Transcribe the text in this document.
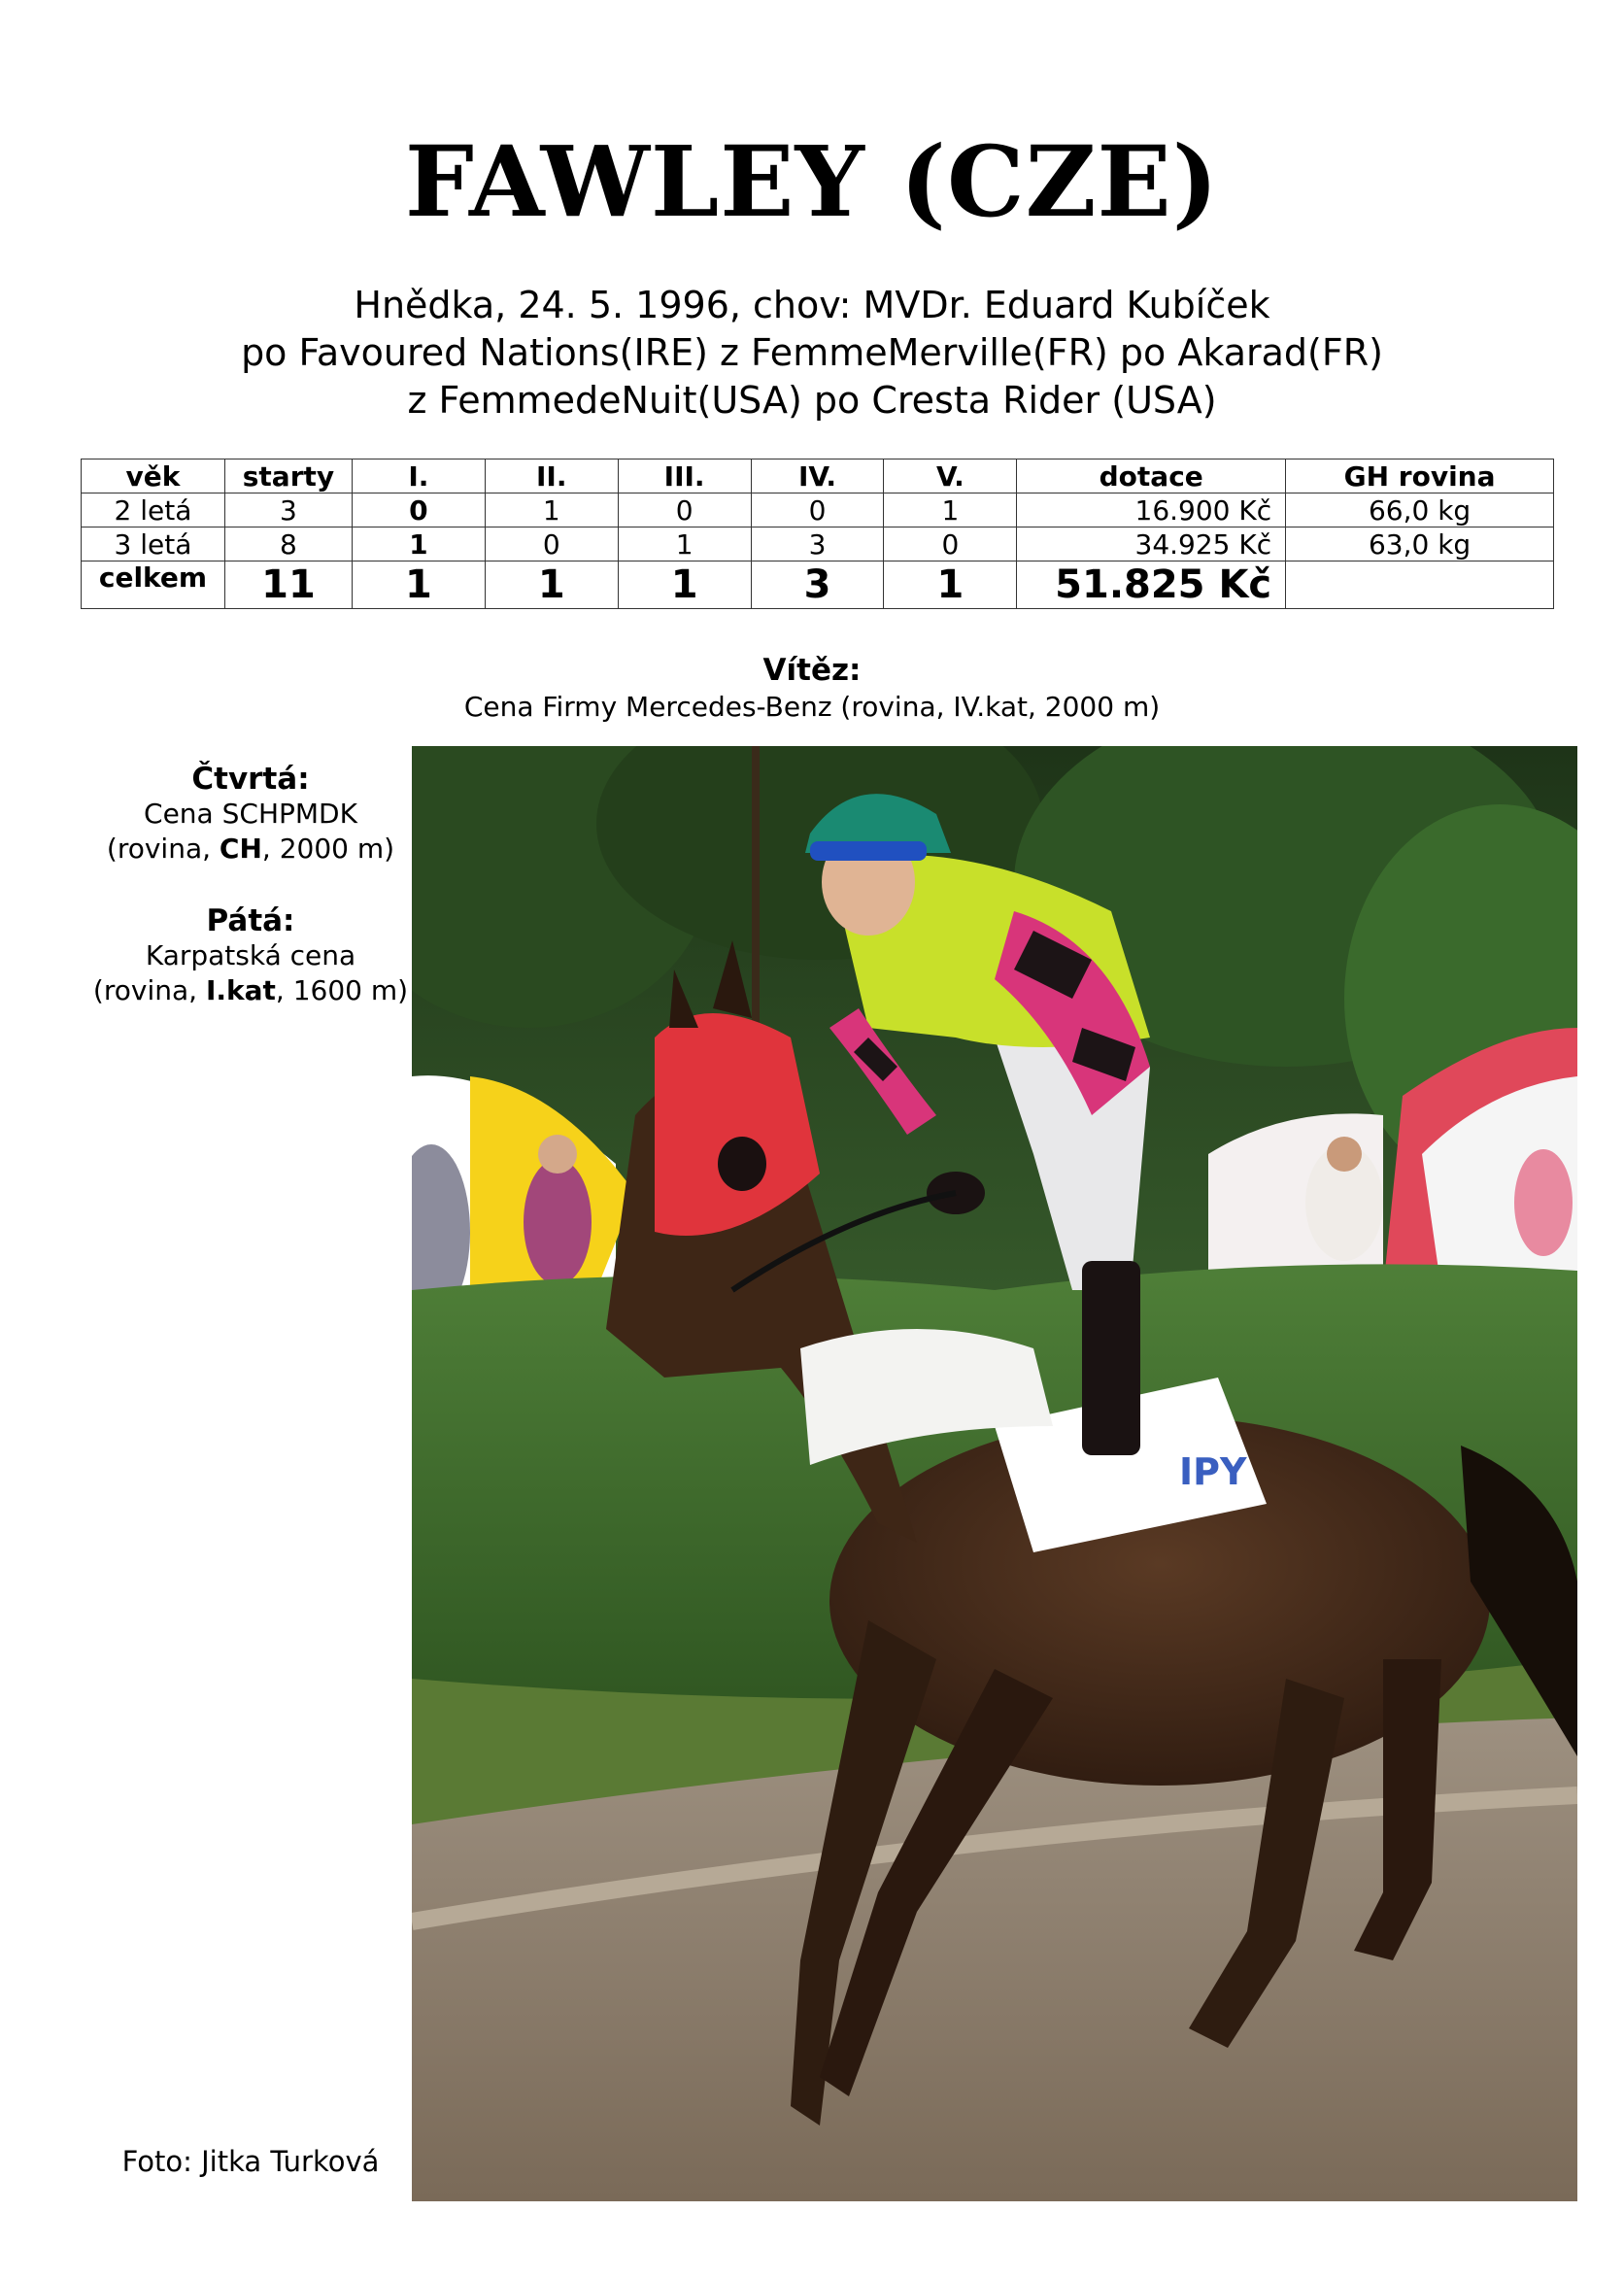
FAWLEY (CZE)
Hnědka, 24. 5. 1996, chov: MVDr. Eduard Kubíček
po Favoured Nations(IRE) z FemmeMerville(FR) po Akarad(FR)
z FemmedeNuit(USA) po Cresta Rider (USA)
věk	starty	I.	II.	III.	IV.	V.	dotace	GH rovina
2 letá	3	0	1	0	0	1	16.900 Kč	66,0 kg
3 letá	8	1	0	1	3	0	34.925 Kč	63,0 kg
celkem	11	1	1	1	3	1	51.825 Kč	
Vítěz:
Cena Firmy Mercedes-Benz (rovina, IV.kat, 2000 m)
Čtvrtá:
Cena SCHPMDK
(rovina, CH, 2000 m)
Pátá:
Karpatská cena
(rovina, I.kat, 1600 m)
IPY
Foto: Jitka Turková
